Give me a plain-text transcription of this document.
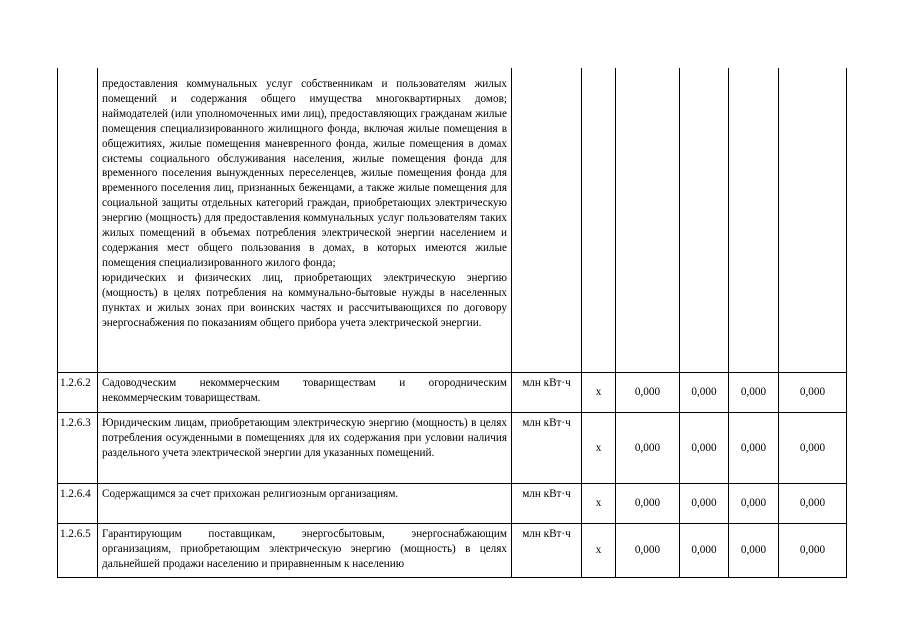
	предоставления коммунальных услуг собственникам и пользователям жилых помещений и содержания общего имущества многоквартирных домов; наймодателей (или уполномоченных ими лиц), предоставляющих гражданам жилые помещения специализированного жилищного фонда, включая жилые помещения в общежитиях, жилые помещения маневренного фонда, жилые помещения в домах системы социального обслуживания населения, жилые помещения фонда для временного поселения вынужденных переселенцев, жилые помещения фонда для временного поселения лиц, признанных беженцами, а также жилые помещения для социальной защиты отдельных категорий граждан, приобретающих электрическую энергию (мощность) для предоставления коммунальных услуг пользователям таких жилых помещений в объемах потребления электрической энергии населением и содержания мест общего пользования в домах, в которых имеются жилые помещения специализированного жилого фонда;
юридических и физических лиц, приобретающих электрическую энергию (мощность) в целях потребления на коммунально-бытовые нужды в населенных пунктах и жилых зонах при воинских частях и рассчитывающихся по договору энергоснабжения по показаниям общего прибора учета электрической энергии.						

1.2.6.2	Садоводческим некоммерческим товариществам и огородническим некоммерческим товариществам.	млн кВт·ч	х	0,000	0,000	0,000	0,000
1.2.6.3	Юридическим лицам, приобретающим электрическую энергию (мощность) в целях потребления осужденными в помещениях для их содержания при условии наличия раздельного учета электрической энергии для указанных помещений.	млн кВт·ч	х	0,000	0,000	0,000	0,000
1.2.6.4	Содержащимся за счет прихожан религиозным организациям.	млн кВт·ч	х	0,000	0,000	0,000	0,000
1.2.6.5	Гарантирующим поставщикам, энергосбытовым, энергоснабжающим организациям, приобретающим электрическую энергию (мощность) в целях дальнейшей продажи населению и приравненным к населению	млн кВт·ч	х	0,000	0,000	0,000	0,000
